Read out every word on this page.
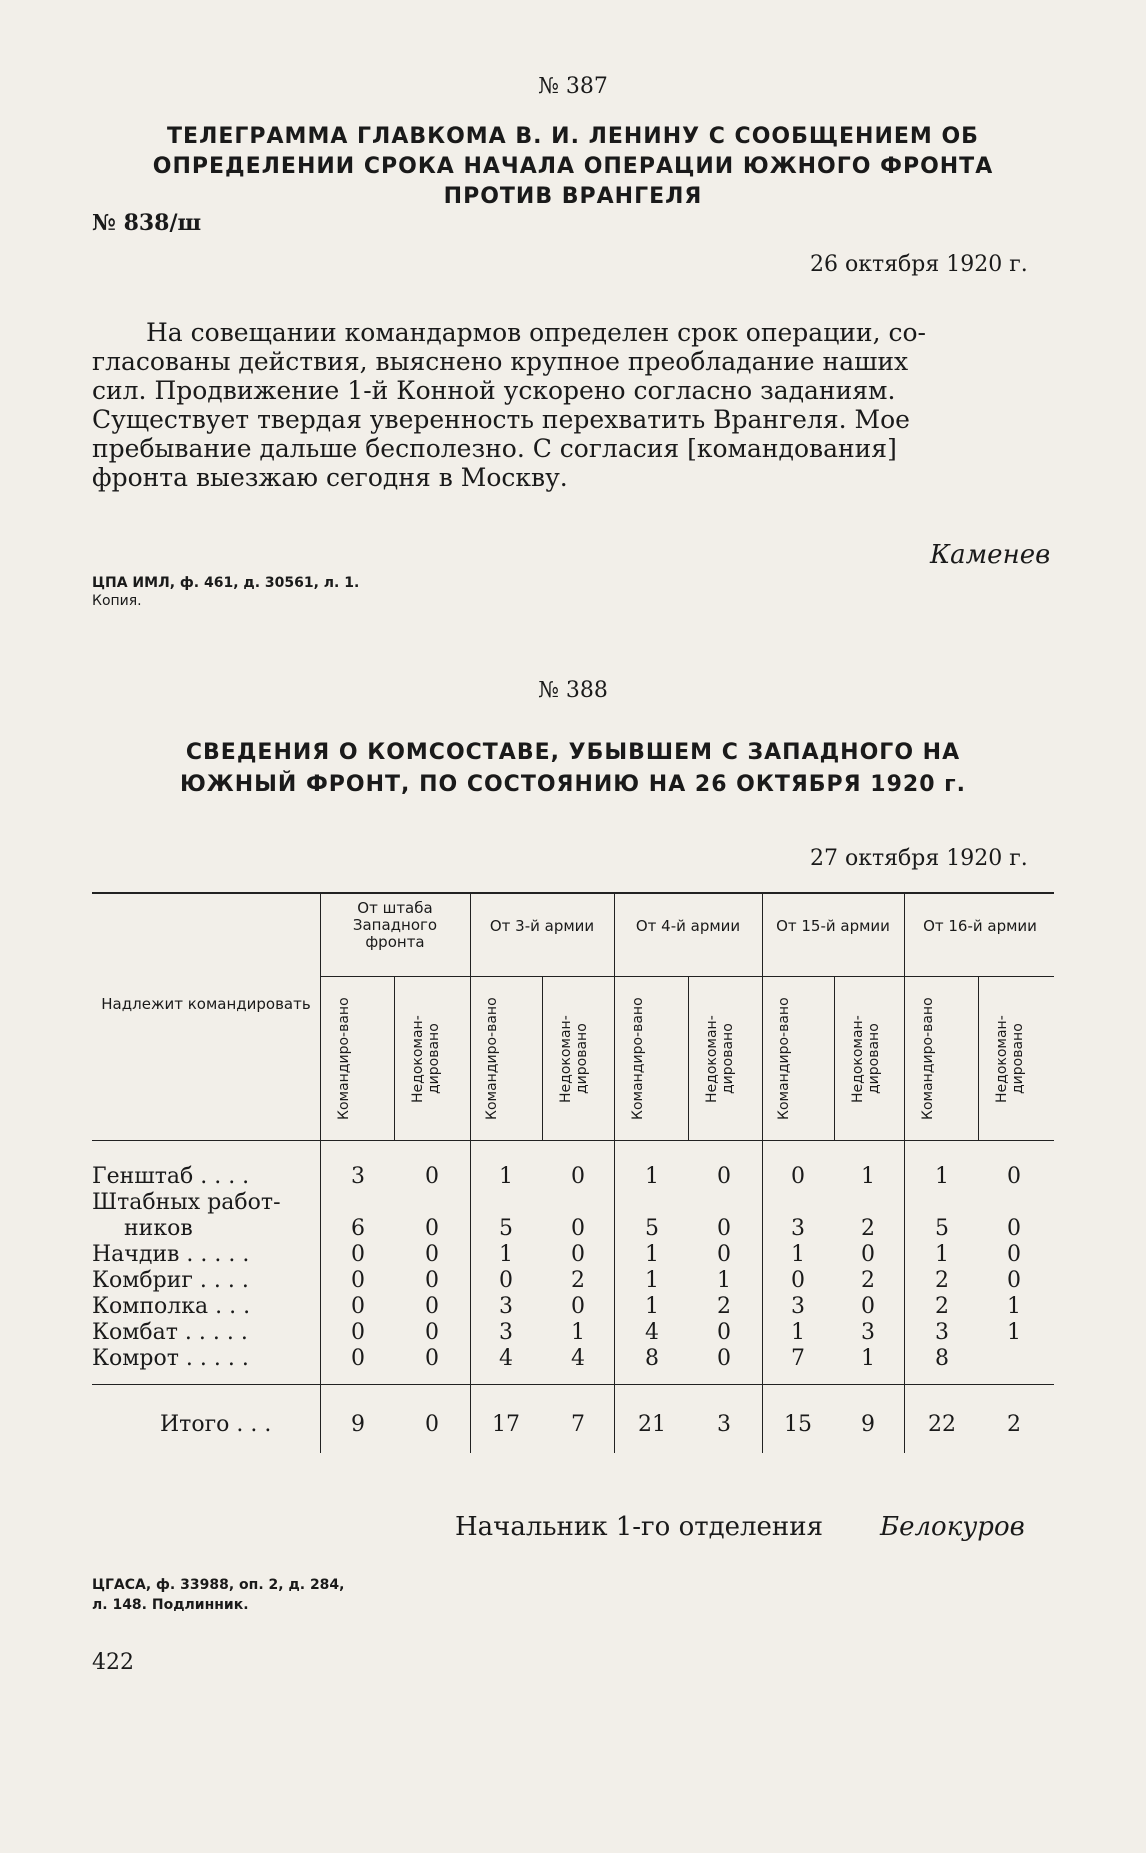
№ 387
ТЕЛЕГРАММА ГЛАВКОМА В. И. ЛЕНИНУ С СООБЩЕНИЕМ ОБ
ОПРЕДЕЛЕНИИ СРОКА НАЧАЛА ОПЕРАЦИИ ЮЖНОГО ФРОНТА
ПРОТИВ ВРАНГЕЛЯ
№ 838/ш
26 октября 1920 г.
На совещании командармов определен срок операции, со-
гласованы действия, выяснено крупное преобладание наших
сил. Продвижение 1-й Конной ускорено согласно заданиям.
Существует твердая уверенность перехватить Врангеля. Мое
пребывание дальше бесполезно. С согласия [командования]
фронта выезжаю сегодня в Москву.
Каменев
ЦПА ИМЛ, ф. 461, д. 30561, л. 1.
Копия.
№ 388
СВЕДЕНИЯ О КОМСОСТАВЕ, УБЫВШЕМ С ЗАПАДНОГО НА
ЮЖНЫЙ ФРОНТ, ПО СОСТОЯНИЮ НА 26 ОКТЯБРЯ 1920 г.
27 октября 1920 г.
Надлежит командировать
От штаба Западного фронта
От 3-й армии	От 4-й армии	От 15-й армии	От 16-й армии
Командиро-вано	Недокоман-дировано	Командиро-вано	Недокоман-дировано	Командиро-вано	Недокоман-дировано	Командиро-вано	Недокоман-дировано	Командиро-вано	Недокоман-дировано
Генштаб . . . .	3	0	1	0	1	0	0	1	1	0
Штабных работ-
ников	6	0	5	0	5	0	3	2	5	0
Начдив . . . . .	0	0	1	0	1	0	1	0	1	0
Комбриг . . . .	0	0	0	2	1	1	0	2	2	0
Комполка . . .	0	0	3	0	1	2	3	0	2	1
Комбат . . . . .	0	0	3	1	4	0	1	3	3	1
Комрот . . . . .	0	0	4	4	8	0	7	1	8
Итого . . .	9	0	17	7	21	3	15	9	22	2
Начальник 1-го отделения Белокуров
ЦГАСА, ф. 33988, оп. 2, д. 284,
л. 148. Подлинник.
422
